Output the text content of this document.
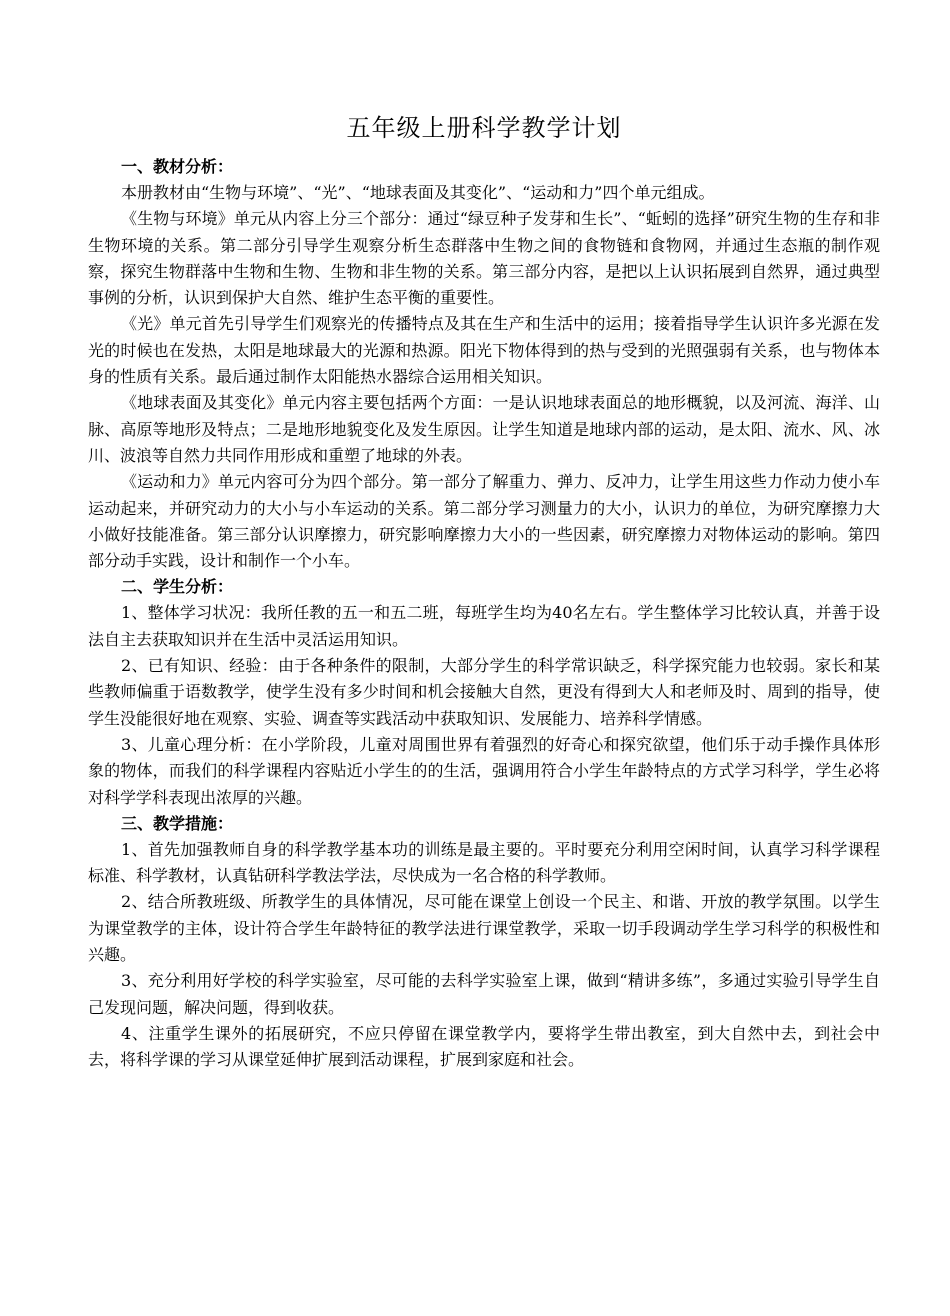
五年级上册科学教学计划

一、教材分析：

本册教材由“生物与环境”、“光”、“地球表面及其变化”、“运动和力”四个单元组成。

《生物与环境》单元从内容上分三个部分：通过“绿豆种子发芽和生长”、“蚯蚓的选择”研究生物的生存和非生物环境的关系。第二部分引导学生观察分析生态群落中生物之间的食物链和食物网，并通过生态瓶的制作观察，探究生物群落中生物和生物、生物和非生物的关系。第三部分内容，是把以上认识拓展到自然界，通过典型事例的分析，认识到保护大自然、维护生态平衡的重要性。

《光》单元首先引导学生们观察光的传播特点及其在生产和生活中的运用；接着指导学生认识许多光源在发光的时候也在发热，太阳是地球最大的光源和热源。阳光下物体得到的热与受到的光照强弱有关系，也与物体本身的性质有关系。最后通过制作太阳能热水器综合运用相关知识。

《地球表面及其变化》单元内容主要包括两个方面：一是认识地球表面总的地形概貌，以及河流、海洋、山脉、高原等地形及特点；二是地形地貌变化及发生原因。让学生知道是地球内部的运动，是太阳、流水、风、冰川、波浪等自然力共同作用形成和重塑了地球的外表。

《运动和力》单元内容可分为四个部分。第一部分了解重力、弹力、反冲力，让学生用这些力作动力使小车运动起来，并研究动力的大小与小车运动的关系。第二部分学习测量力的大小，认识力的单位，为研究摩擦力大小做好技能准备。第三部分认识摩擦力，研究影响摩擦力大小的一些因素，研究摩擦力对物体运动的影响。第四部分动手实践，设计和制作一个小车。

二、学生分析：

1、整体学习状况：我所任教的五一和五二班，每班学生均为40名左右。学生整体学习比较认真，并善于设法自主去获取知识并在生活中灵活运用知识。

2、已有知识、经验：由于各种条件的限制，大部分学生的科学常识缺乏，科学探究能力也较弱。家长和某些教师偏重于语数教学，使学生没有多少时间和机会接触大自然，更没有得到大人和老师及时、周到的指导，使学生没能很好地在观察、实验、调查等实践活动中获取知识、发展能力、培养科学情感。

3、儿童心理分析：在小学阶段，儿童对周围世界有着强烈的好奇心和探究欲望，他们乐于动手操作具体形象的物体，而我们的科学课程内容贴近小学生的的生活，强调用符合小学生年龄特点的方式学习科学，学生必将对科学学科表现出浓厚的兴趣。

三、教学措施：

1、首先加强教师自身的科学教学基本功的训练是最主要的。平时要充分利用空闲时间，认真学习科学课程标准、科学教材，认真钻研科学教法学法，尽快成为一名合格的科学教师。

2、结合所教班级、所教学生的具体情况，尽可能在课堂上创设一个民主、和谐、开放的教学氛围。以学生为课堂教学的主体，设计符合学生年龄特征的教学法进行课堂教学，采取一切手段调动学生学习科学的积极性和兴趣。

3、充分利用好学校的科学实验室，尽可能的去科学实验室上课，做到“精讲多练”，多通过实验引导学生自己发现问题，解决问题，得到收获。

4、注重学生课外的拓展研究，不应只停留在课堂教学内，要将学生带出教室，到大自然中去，到社会中去，将科学课的学习从课堂延伸扩展到活动课程，扩展到家庭和社会。
